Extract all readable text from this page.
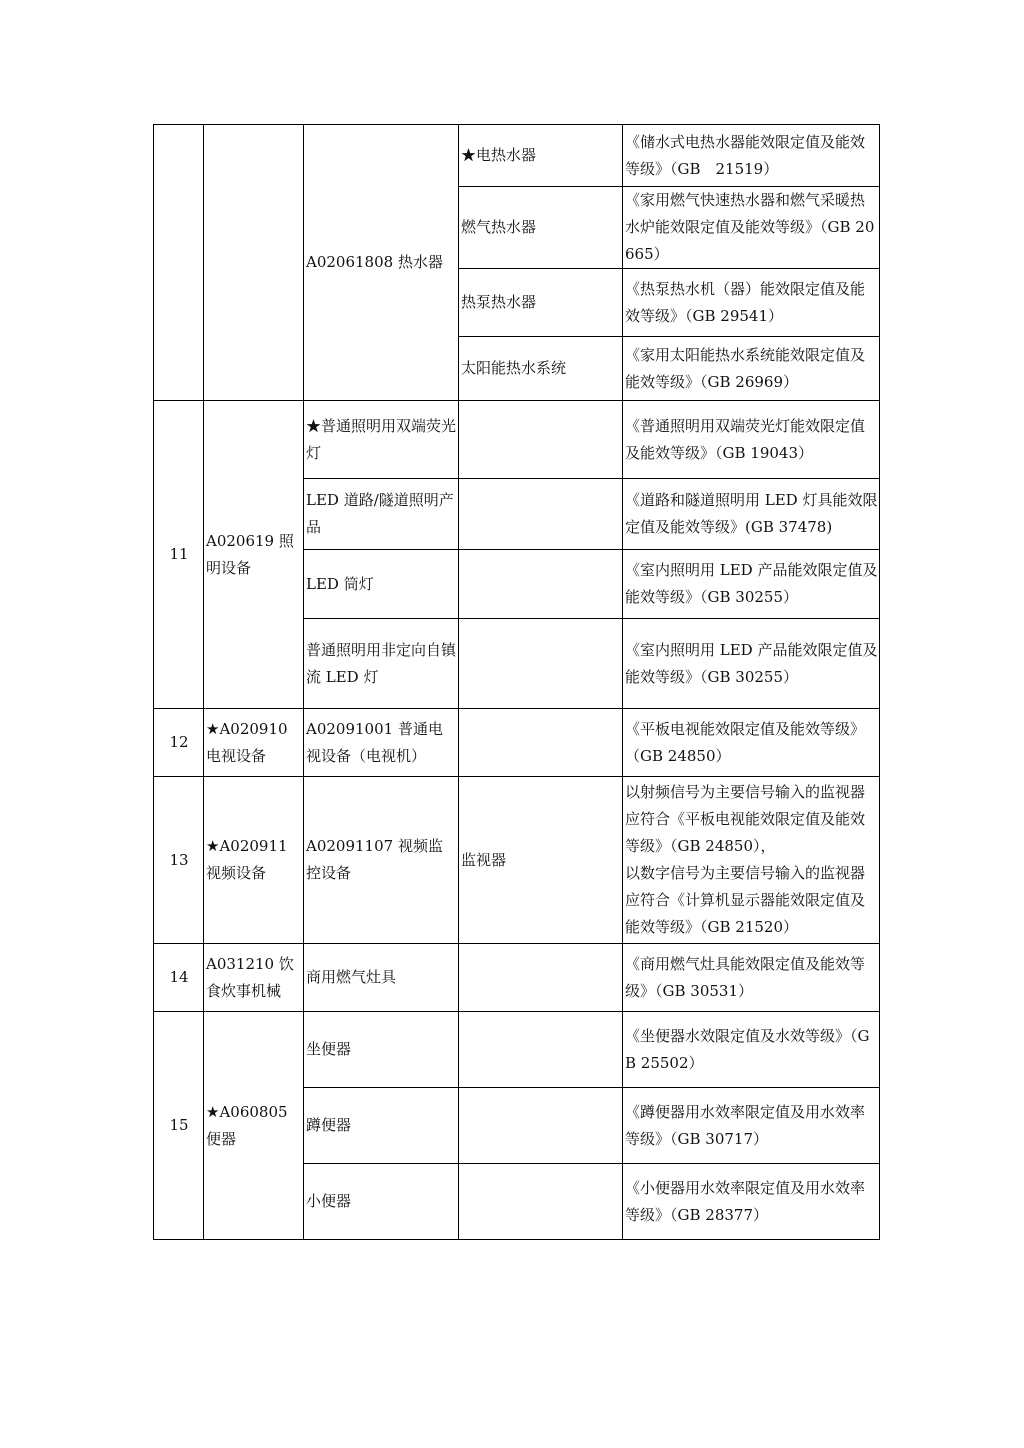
		A02061808 热水器	★电热水器	《储水式电热水器能效限定值及能效等级》（GB　21519）
			燃气热水器	《家用燃气快速热水器和燃气采暖热水炉能效限定值及能效等级》（GB 20665）
			热泵热水器	《热泵热水机（器）能效限定值及能效等级》（GB 29541）
			太阳能热水系统	《家用太阳能热水系统能效限定值及能效等级》（GB 26969）
11	A020619 照明设备	★普通照明用双端荧光灯		《普通照明用双端荧光灯能效限定值及能效等级》（GB 19043）
		LED 道路/隧道照明产品		《道路和隧道照明用 LED 灯具能效限定值及能效等级》(GB 37478)
		LED 筒灯		《室内照明用 LED 产品能效限定值及能效等级》（GB 30255）
		普通照明用非定向自镇流 LED 灯		《室内照明用 LED 产品能效限定值及能效等级》（GB 30255）
12	★A020910 电视设备	A02091001 普通电视设备（电视机）		《平板电视能效限定值及能效等级》（GB 24850）
13	★A020911 视频设备	A02091107 视频监控设备	监视器	以射频信号为主要信号输入的监视器应符合《平板电视能效限定值及能效等级》（GB 24850），
以数字信号为主要信号输入的监视器应符合《计算机显示器能效限定值及能效等级》（GB 21520）

14	A031210 饮食炊事机械	商用燃气灶具		《商用燃气灶具能效限定值及能效等级》（GB 30531）
15	★A060805 便器	坐便器		《坐便器水效限定值及水效等级》（GB 25502）
		蹲便器		《蹲便器用水效率限定值及用水效率等级》（GB 30717）
		小便器		《小便器用水效率限定值及用水效率等级》（GB 28377）
